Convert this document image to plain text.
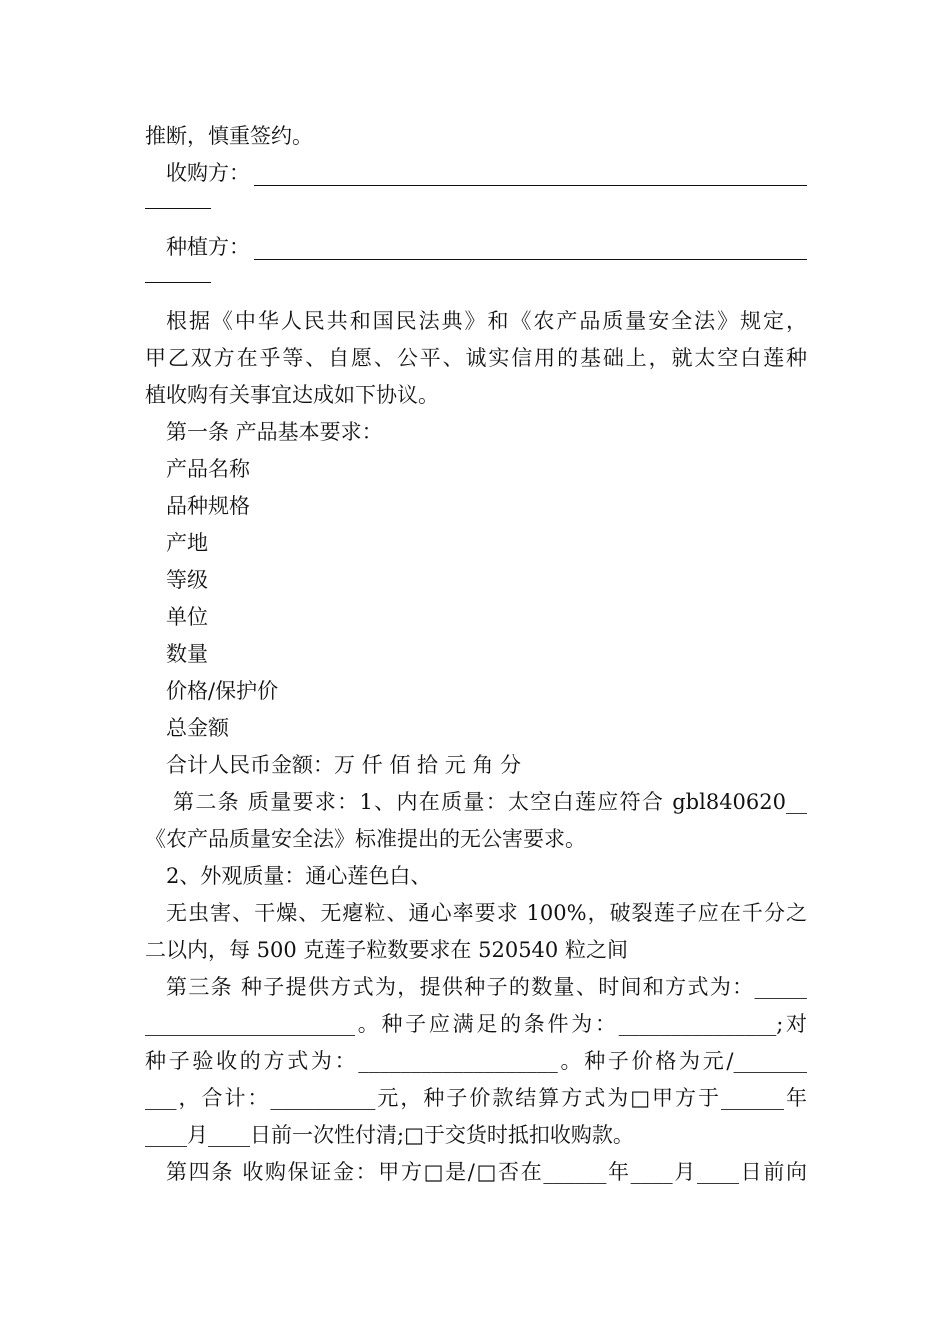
推断，慎重签约。
收购方：
种植方：
根据《中华人民共和国民法典》和《农产品质量安全法》规定，
甲乙双方在乎等、自愿、公平、诚实信用的基础上，就太空白莲种
植收购有关事宜达成如下协议。
第一条 产品基本要求：
产品名称
品种规格
产地
等级
单位
数量
价格/保护价
总金额
合计人民币金额：万 仟 佰 拾 元 角 分
第二条 质量要求：1、内在质量：太空白莲应符合 gbl840620__
《农产品质量安全法》标准提出的无公害要求。
2、外观质量：通心莲色白、
无虫害、干燥、无瘪粒、通心率要求 100%，破裂莲子应在千分之
二以内，每 500 克莲子粒数要求在 520540 粒之间
第三条 种子提供方式为，提供种子的数量、时间和方式为：_____
____________________。种子应满足的条件为：_______________;对
种子验收的方式为：___________________。种子价格为元/_______
___，合计：__________元，种子价款结算方式为□甲方于______年
____月____日前一次性付清;□于交货时抵扣收购款。
第四条 收购保证金：甲方□是/□否在______年____月____日前向
